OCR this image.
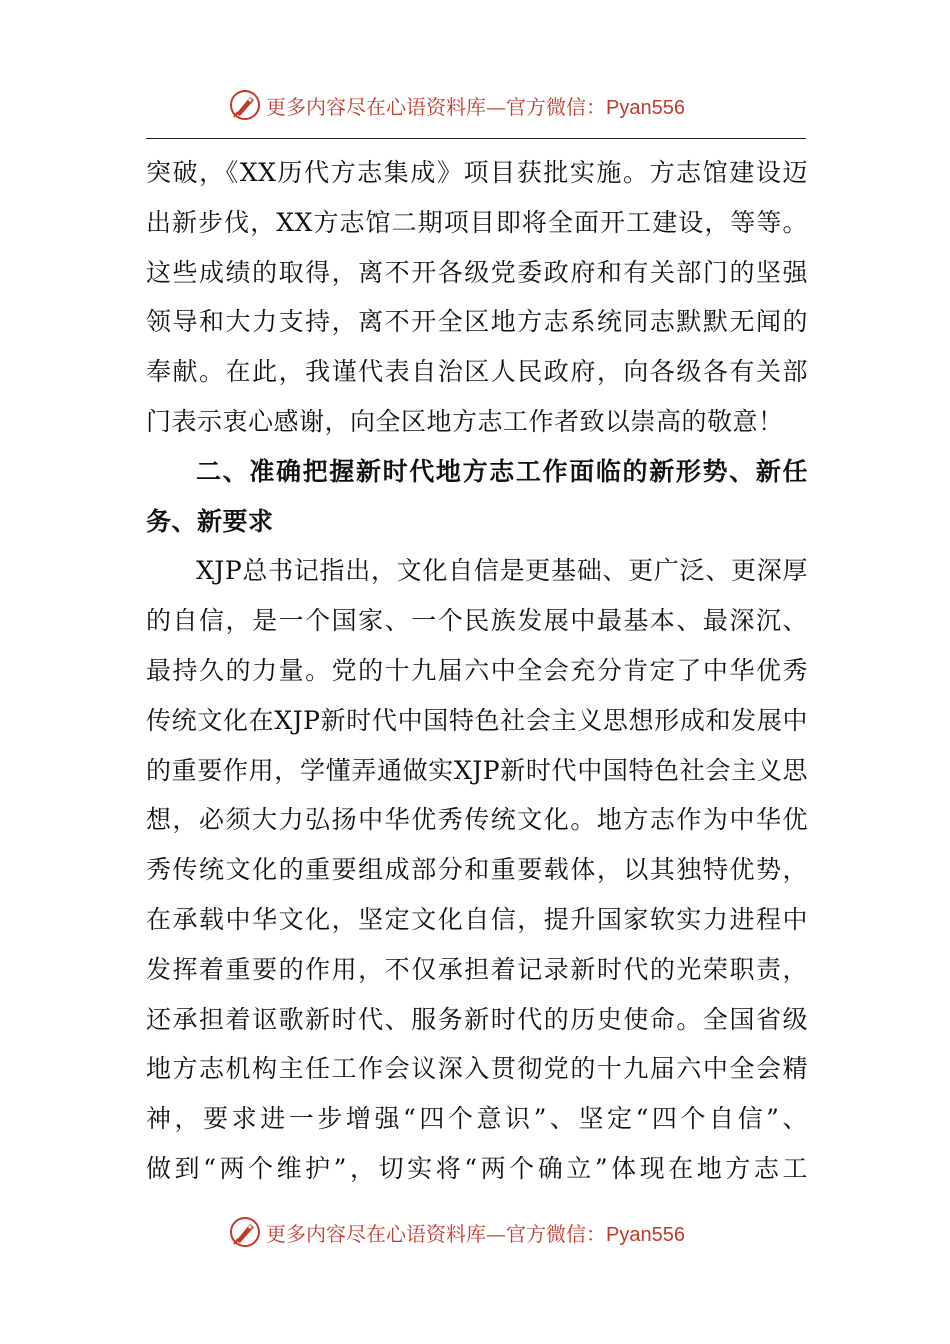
更多内容尽在心语资料库—官方微信：Pyan556
突破，《XX历代方志集成》项目获批实施。方志馆建设迈
出新步伐，XX方志馆二期项目即将全面开工建设，等等。
这些成绩的取得，离不开各级党委政府和有关部门的坚强
领导和大力支持，离不开全区地方志系统同志默默无闻的
奉献。在此，我谨代表自治区人民政府，向各级各有关部
门表示衷心感谢，向全区地方志工作者致以崇高的敬意！
二、准确把握新时代地方志工作面临的新形势、新任
务、新要求
XJP总书记指出，文化自信是更基础、更广泛、更深厚
的自信，是一个国家、一个民族发展中最基本、最深沉、
最持久的力量。党的十九届六中全会充分肯定了中华优秀
传统文化在XJP新时代中国特色社会主义思想形成和发展中
的重要作用，学懂弄通做实XJP新时代中国特色社会主义思
想，必须大力弘扬中华优秀传统文化。地方志作为中华优
秀传统文化的重要组成部分和重要载体，以其独特优势，
在承载中华文化，坚定文化自信，提升国家软实力进程中
发挥着重要的作用，不仅承担着记录新时代的光荣职责，
还承担着讴歌新时代、服务新时代的历史使命。全国省级
地方志机构主任工作会议深入贯彻党的十九届六中全会精
神，要求进一步增强“四个意识”、坚定“四个自信”、
做到“两个维护”，切实将“两个确立”体现在地方志工
更多内容尽在心语资料库—官方微信：Pyan556
